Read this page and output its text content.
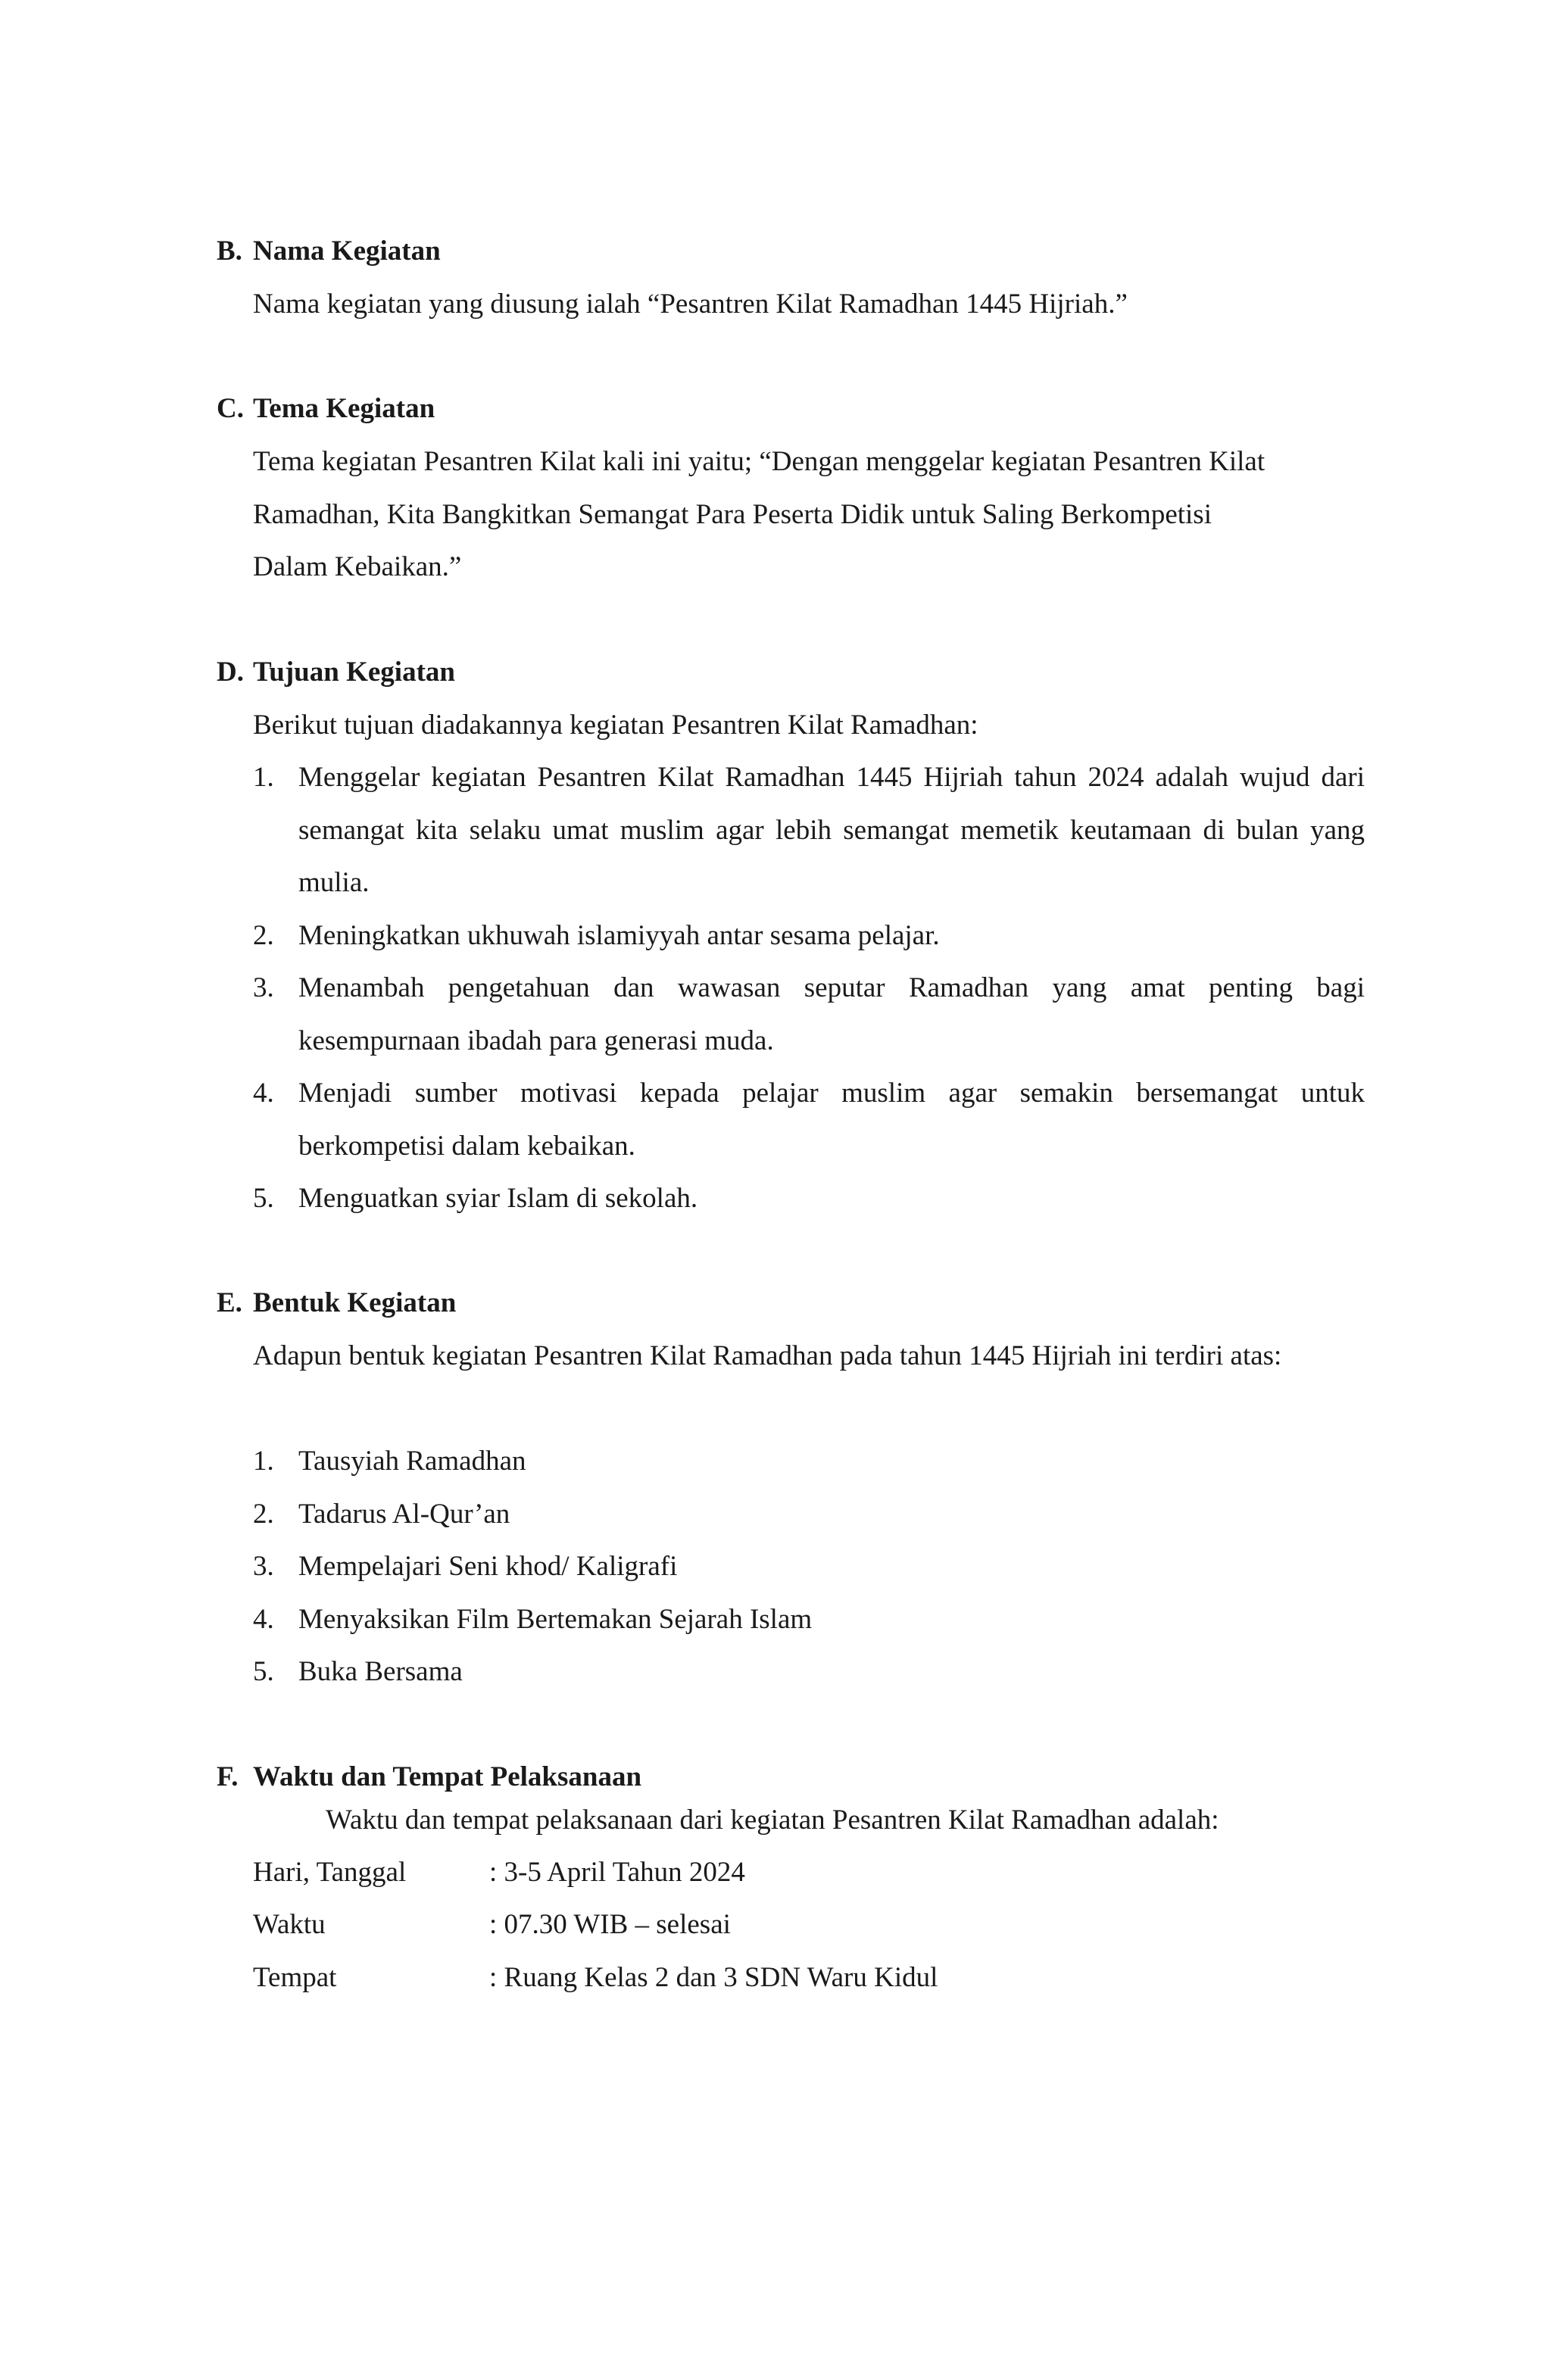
B. Nama Kegiatan
Nama kegiatan yang diusung ialah “Pesantren Kilat Ramadhan 1445 Hijriah.”
C. Tema Kegiatan
Tema kegiatan Pesantren Kilat kali ini yaitu; “Dengan menggelar kegiatan Pesantren Kilat
Ramadhan, Kita Bangkitkan Semangat Para Peserta Didik untuk Saling Berkompetisi
Dalam Kebaikan.”
D. Tujuan Kegiatan
Berikut tujuan diadakannya kegiatan Pesantren Kilat Ramadhan:
1. Menggelar kegiatan Pesantren Kilat Ramadhan 1445 Hijriah tahun 2024 adalah wujud dari semangat kita selaku umat muslim agar lebih semangat memetik keutamaan di bulan yang mulia.
2. Meningkatkan ukhuwah islamiyyah antar sesama pelajar.
3. Menambah pengetahuan dan wawasan seputar Ramadhan yang amat penting bagi kesempurnaan ibadah para generasi muda.
4. Menjadi sumber motivasi kepada pelajar muslim agar semakin bersemangat untuk berkompetisi dalam kebaikan.
5. Menguatkan syiar Islam di sekolah.
E. Bentuk Kegiatan
Adapun bentuk kegiatan Pesantren Kilat Ramadhan pada tahun 1445 Hijriah ini terdiri atas:
1. Tausyiah Ramadhan
2. Tadarus Al-Qur’an
3. Mempelajari Seni khod/ Kaligrafi
4. Menyaksikan Film Bertemakan Sejarah Islam
5. Buka Bersama
F. Waktu dan Tempat Pelaksanaan
Waktu dan tempat pelaksanaan dari kegiatan Pesantren Kilat Ramadhan adalah:
Hari, Tanggal	: 3-5 April Tahun 2024
Waktu	: 07.30 WIB – selesai
Tempat	: Ruang Kelas 2 dan 3 SDN Waru Kidul
